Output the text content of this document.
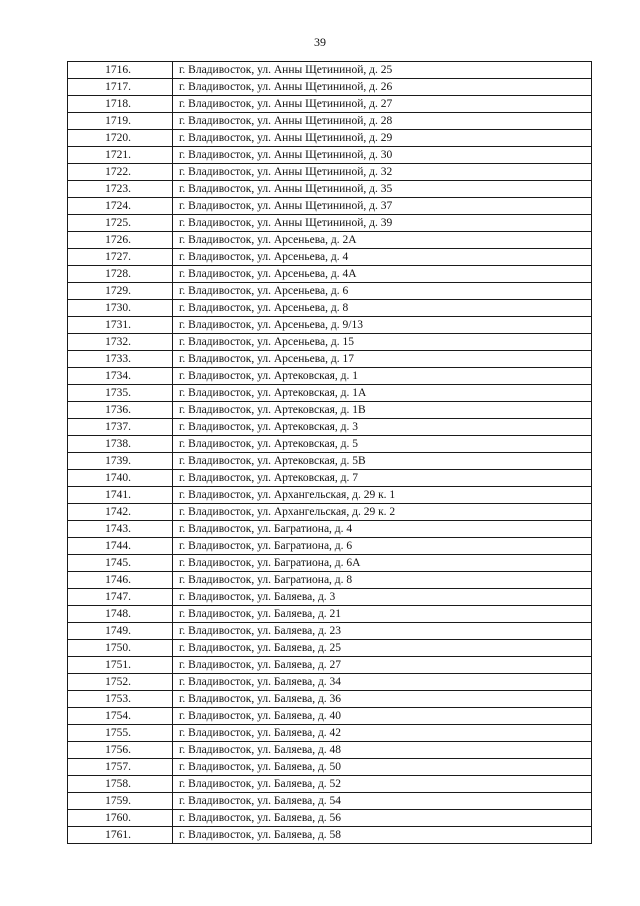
39
1716.	г. Владивосток, ул. Анны Щетининой, д. 25
1717.	г. Владивосток, ул. Анны Щетининой, д. 26
1718.	г. Владивосток, ул. Анны Щетининой, д. 27
1719.	г. Владивосток, ул. Анны Щетининой, д. 28
1720.	г. Владивосток, ул. Анны Щетининой, д. 29
1721.	г. Владивосток, ул. Анны Щетининой, д. 30
1722.	г. Владивосток, ул. Анны Щетининой, д. 32
1723.	г. Владивосток, ул. Анны Щетининой, д. 35
1724.	г. Владивосток, ул. Анны Щетининой, д. 37
1725.	г. Владивосток, ул. Анны Щетининой, д. 39
1726.	г. Владивосток, ул. Арсеньева, д. 2А
1727.	г. Владивосток, ул. Арсеньева, д. 4
1728.	г. Владивосток, ул. Арсеньева, д. 4А
1729.	г. Владивосток, ул. Арсеньева, д. 6
1730.	г. Владивосток, ул. Арсеньева, д. 8
1731.	г. Владивосток, ул. Арсеньева, д. 9/13
1732.	г. Владивосток, ул. Арсеньева, д. 15
1733.	г. Владивосток, ул. Арсеньева, д. 17
1734.	г. Владивосток, ул. Артековская, д. 1
1735.	г. Владивосток, ул. Артековская, д. 1А
1736.	г. Владивосток, ул. Артековская, д. 1В
1737.	г. Владивосток, ул. Артековская, д. 3
1738.	г. Владивосток, ул. Артековская, д. 5
1739.	г. Владивосток, ул. Артековская, д. 5В
1740.	г. Владивосток, ул. Артековская, д. 7
1741.	г. Владивосток, ул. Архангельская, д. 29 к. 1
1742.	г. Владивосток, ул. Архангельская, д. 29 к. 2
1743.	г. Владивосток, ул. Багратиона, д. 4
1744.	г. Владивосток, ул. Багратиона, д. 6
1745.	г. Владивосток, ул. Багратиона, д. 6А
1746.	г. Владивосток, ул. Багратиона, д. 8
1747.	г. Владивосток, ул. Баляева, д. 3
1748.	г. Владивосток, ул. Баляева, д. 21
1749.	г. Владивосток, ул. Баляева, д. 23
1750.	г. Владивосток, ул. Баляева, д. 25
1751.	г. Владивосток, ул. Баляева, д. 27
1752.	г. Владивосток, ул. Баляева, д. 34
1753.	г. Владивосток, ул. Баляева, д. 36
1754.	г. Владивосток, ул. Баляева, д. 40
1755.	г. Владивосток, ул. Баляева, д. 42
1756.	г. Владивосток, ул. Баляева, д. 48
1757.	г. Владивосток, ул. Баляева, д. 50
1758.	г. Владивосток, ул. Баляева, д. 52
1759.	г. Владивосток, ул. Баляева, д. 54
1760.	г. Владивосток, ул. Баляева, д. 56
1761.	г. Владивосток, ул. Баляева, д. 58
